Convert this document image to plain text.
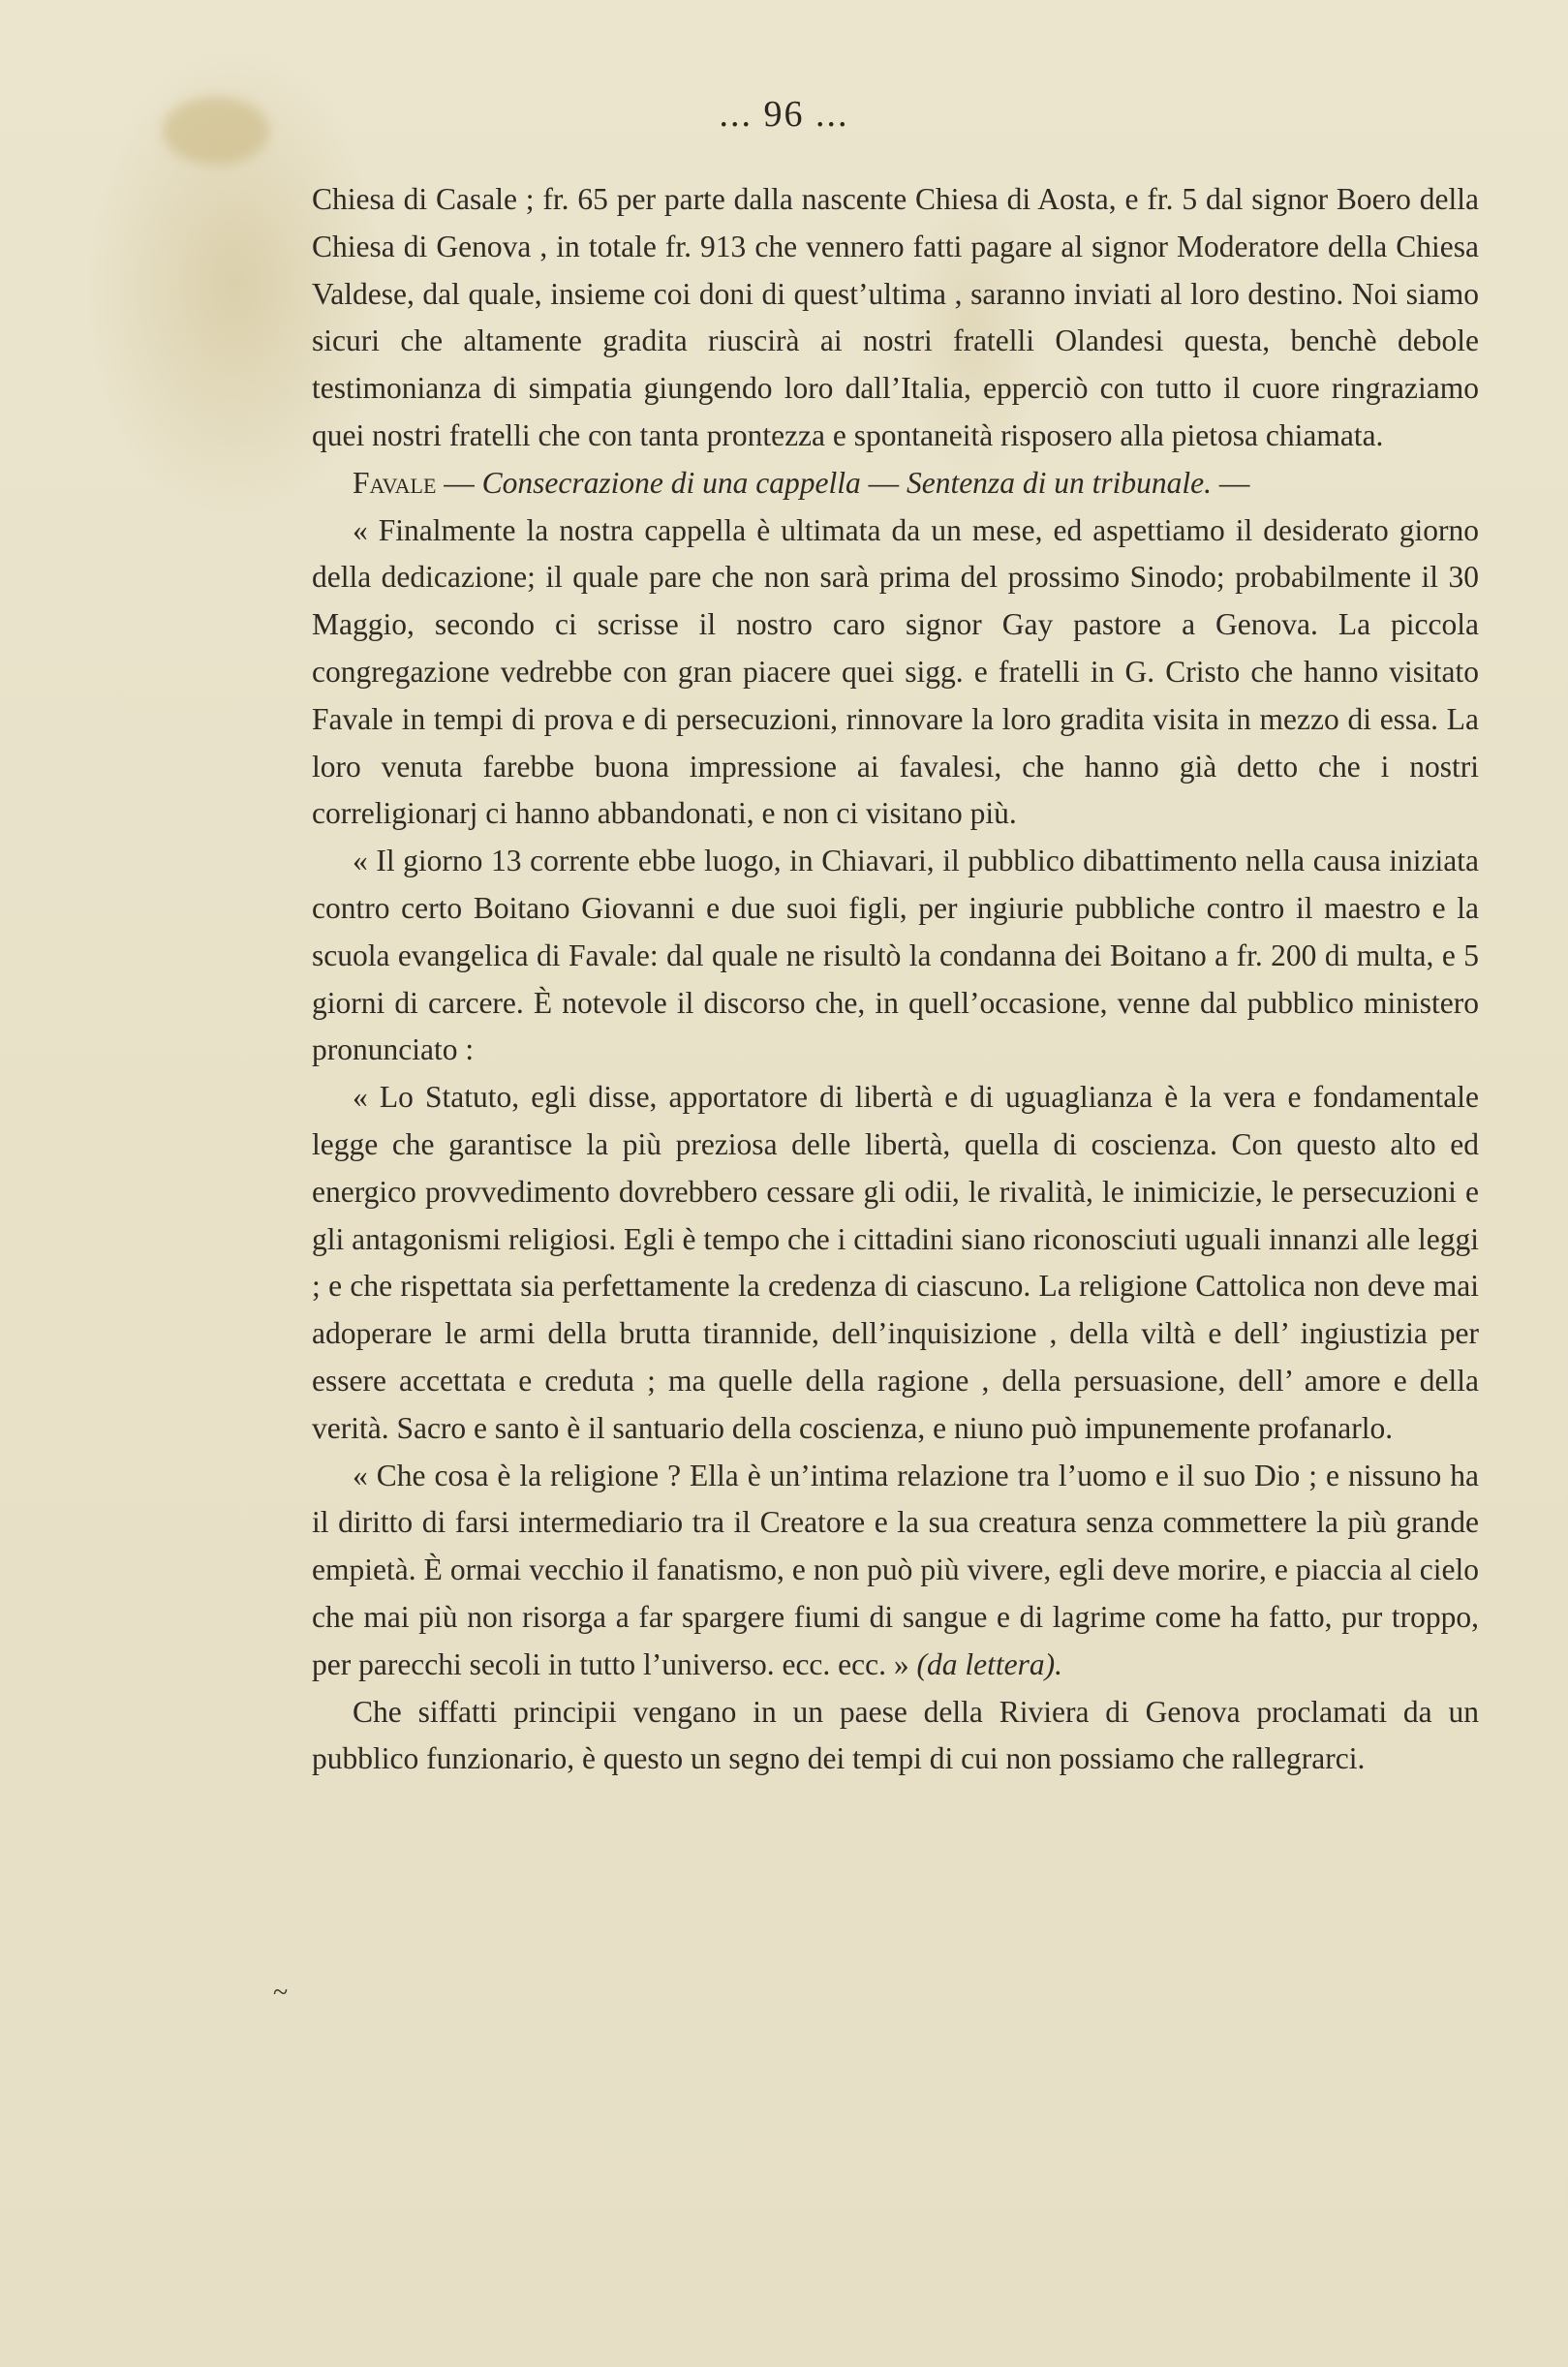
... 96 ...
~

Chiesa di Casale ; fr. 65 per parte dalla nascente Chiesa di Aosta, e fr. 5 dal signor Boero della Chiesa di Genova , in totale fr. 913 che vennero fatti pagare al signor Moderatore della Chiesa Valdese, dal quale, insieme coi doni di quest’ultima , saranno inviati al loro destino. Noi siamo sicuri che altamente gradita riuscirà ai nostri fratelli Olandesi questa, benchè debole testimonianza di simpatia giungendo loro dall’Italia, epperciò con tutto il cuore ringraziamo quei nostri fratelli che con tanta prontezza e spontaneità risposero alla pietosa chiamata.

Favale — Consecrazione di una cappella — Sentenza di un tribunale. —

« Finalmente la nostra cappella è ultimata da un mese, ed aspettiamo il desiderato giorno della dedicazione; il quale pare che non sarà prima del prossimo Sinodo; probabilmente il 30 Maggio, secondo ci scrisse il nostro caro signor Gay pastore a Genova. La piccola congregazione vedrebbe con gran piacere quei sigg. e fratelli in G. Cristo che hanno visitato Favale in tempi di prova e di persecuzioni, rinnovare la loro gradita visita in mezzo di essa. La loro venuta farebbe buona impressione ai favalesi, che hanno già detto che i nostri correligionarj ci hanno abbandonati, e non ci visitano più.

« Il giorno 13 corrente ebbe luogo, in Chiavari, il pubblico dibattimento nella causa iniziata contro certo Boitano Giovanni e due suoi figli, per ingiurie pubbliche contro il maestro e la scuola evangelica di Favale: dal quale ne risultò la condanna dei Boitano a fr. 200 di multa, e 5 giorni di carcere. È notevole il discorso che, in quell’occasione, venne dal pubblico ministero pronunciato :

« Lo Statuto, egli disse, apportatore di libertà e di uguaglianza è la vera e fondamentale legge che garantisce la più preziosa delle libertà, quella di coscienza. Con questo alto ed energico provvedimento dovrebbero cessare gli odii, le rivalità, le inimicizie, le persecuzioni e gli antagonismi religiosi. Egli è tempo che i cittadini siano riconosciuti uguali innanzi alle leggi ; e che rispettata sia perfettamente la credenza di ciascuno. La religione Cattolica non deve mai adoperare le armi della brutta tirannide, dell’inquisizione , della viltà e dell’ ingiustizia per essere accettata e creduta ; ma quelle della ragione , della persuasione, dell’ amore e della verità. Sacro e santo è il santuario della coscienza, e niuno può impunemente profanarlo.

« Che cosa è la religione ? Ella è un’intima relazione tra l’uomo e il suo Dio ; e nissuno ha il diritto di farsi intermediario tra il Creatore e la sua creatura senza commettere la più grande empietà. È ormai vecchio il fanatismo, e non può più vivere, egli deve morire, e piaccia al cielo che mai più non risorga a far spargere fiumi di sangue e di lagrime come ha fatto, pur troppo, per parecchi secoli in tutto l’universo. ecc. ecc. » (da lettera).

Che siffatti principii vengano in un paese della Riviera di Genova proclamati da un pubblico funzionario, è questo un segno dei tempi di cui non possiamo che rallegrarci.
